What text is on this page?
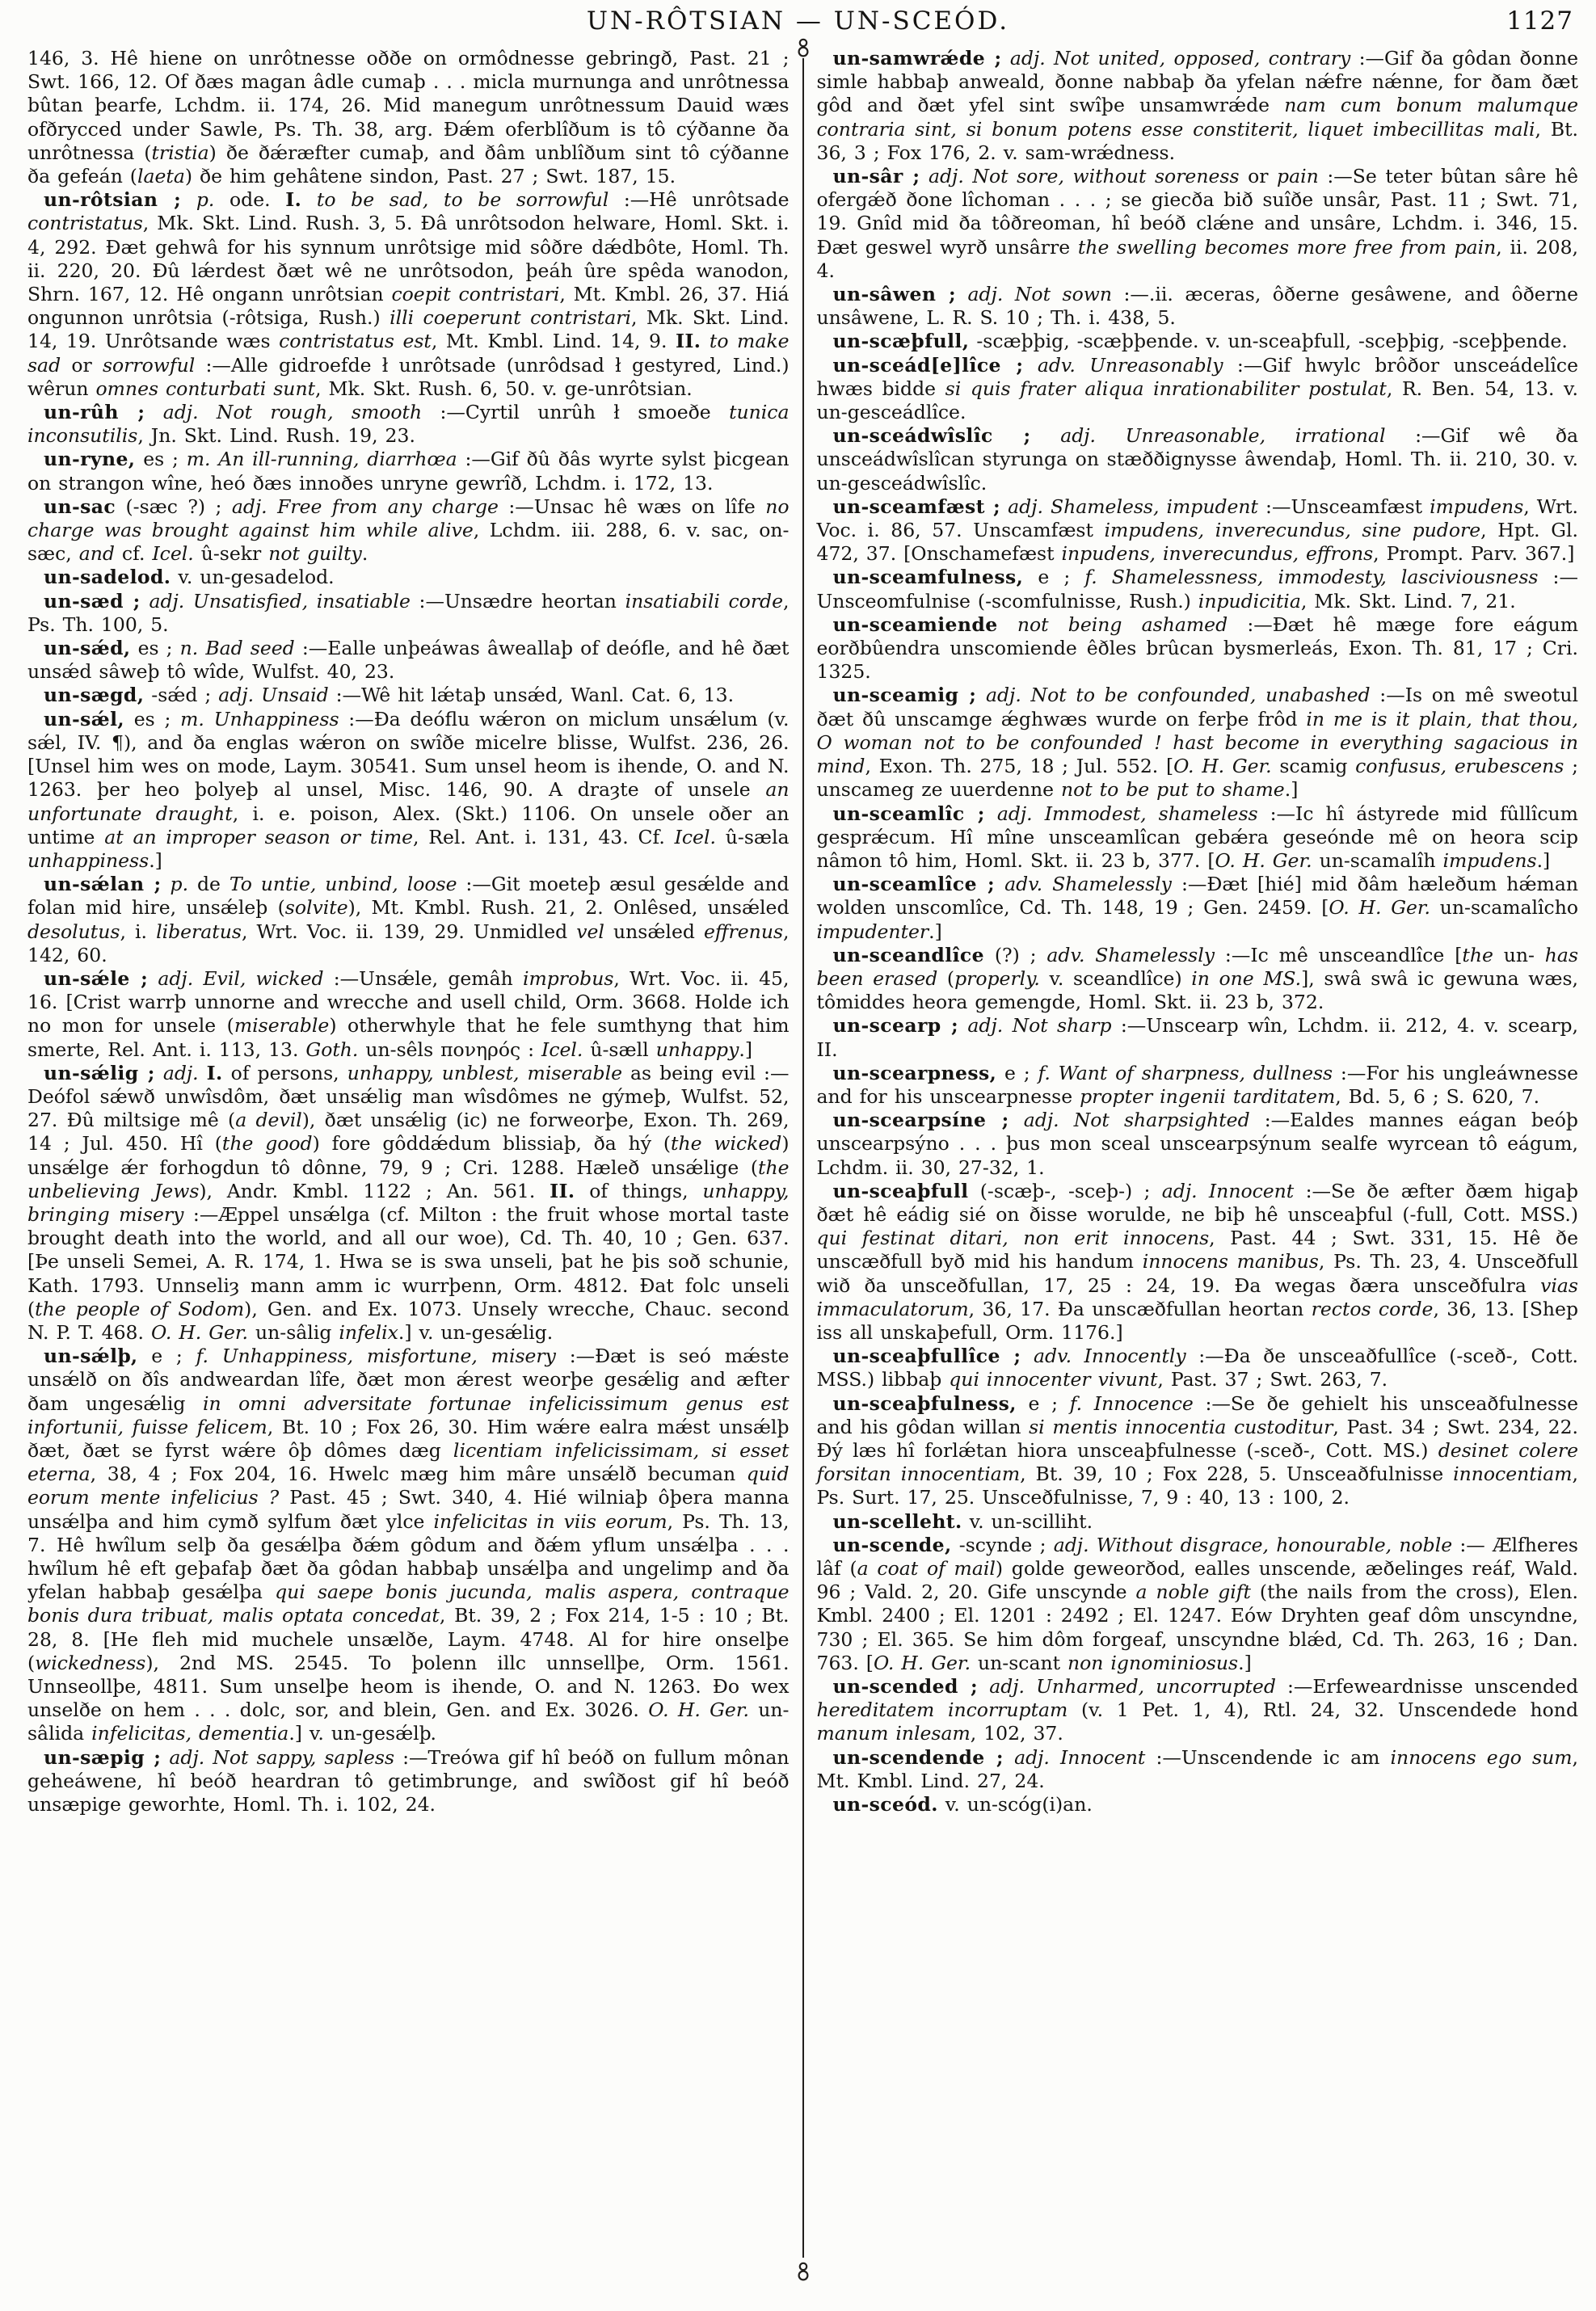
UN-RÔTSIAN — UN-SCEÓD.	1127

146, 3. Hê hiene on unrôtnesse oððe on ormôdnesse gebringð, Past. 21 ; Swt. 166, 12. Of ðæs magan âdle cumaþ . . . micla murnunga and unrôtnessa bûtan þearfe, Lchdm. ii. 174, 26. Mid manegum unrôtnessum Dauid wæs ofðrycced under Sawle, Ps. Th. 38, arg. Ðǽm oferblîðum is tô cýðanne ða unrôtnessa (tristia) ðe ðǽræfter cumaþ, and ðâm unblîðum sint tô cýðanne ða gefeán (laeta) ðe him gehâtene sindon, Past. 27 ; Swt. 187, 15.

un-rôtsian ; p. ode. I. to be sad, to be sorrowful :—Hê unrôtsade contristatus, Mk. Skt. Lind. Rush. 3, 5. Ðâ unrôtsodon helware, Homl. Skt. i. 4, 292. Ðæt gehwâ for his synnum unrôtsige mid sôðre dǽdbôte, Homl. Th. ii. 220, 20. Ðû lǽrdest ðæt wê ne unrôtsodon, þeáh ûre spêda wanodon, Shrn. 167, 12. Hê ongann unrôtsian coepit contristari, Mt. Kmbl. 26, 37. Hiá ongunnon unrôtsia (-rôtsiga, Rush.) illi coeperunt contristari, Mk. Skt. Lind. 14, 19. Unrôtsande wæs contristatus est, Mt. Kmbl. Lind. 14, 9. II. to make sad or sorrowful :—Alle gidroefde ł unrôtsade (unrôdsad ł gestyred, Lind.) wêrun omnes conturbati sunt, Mk. Skt. Rush. 6, 50. v. ge-unrôtsian.

un-rûh ; adj. Not rough, smooth :—Cyrtil unrûh ł smoeðe tunica inconsutilis, Jn. Skt. Lind. Rush. 19, 23.

un-ryne, es ; m. An ill-running, diarrhœa :—Gif ðû ðâs wyrte sylst þicgean on strangon wîne, heó ðæs innoðes unryne gewrîð, Lchdm. i. 172, 13.

un-sac (-sæc ?) ; adj. Free from any charge :—Unsac hê wæs on lîfe no charge was brought against him while alive, Lchdm. iii. 288, 6. v. sac, on-sæc, and cf. Icel. û-sekr not guilty.

un-sadelod. v. un-gesadelod.

un-sæd ; adj. Unsatisfied, insatiable :—Unsædre heortan insatiabili corde, Ps. Th. 100, 5.

un-sǽd, es ; n. Bad seed :—Ealle unþeáwas âweallaþ of deófle, and hê ðæt unsǽd sâweþ tô wîde, Wulfst. 40, 23.

un-sægd, -sǽd ; adj. Unsaid :—Wê hit lǽtaþ unsǽd, Wanl. Cat. 6, 13.

un-sǽl, es ; m. Unhappiness :—Ða deóflu wǽron on miclum unsǽlum (v. sǽl, IV. ¶), and ða englas wǽron on swîðe micelre blisse, Wulfst. 236, 26. [Unsel him wes on mode, Laym. 30541. Sum unsel heom is ihende, O. and N. 1263. þer heo þolyeþ al unsel, Misc. 146, 90. A draȝte of unsele an unfortunate draught, i. e. poison, Alex. (Skt.) 1106. On unsele oðer an untime at an improper season or time, Rel. Ant. i. 131, 43. Cf. Icel. û-sæla unhappiness.]

un-sǽlan ; p. de To untie, unbind, loose :—Git moeteþ æsul gesǽlde and folan mid hire, unsǽleþ (solvite), Mt. Kmbl. Rush. 21, 2. Onlêsed, unsǽled desolutus, i. liberatus, Wrt. Voc. ii. 139, 29. Unmidled vel unsǽled effrenus, 142, 60.

un-sǽle ; adj. Evil, wicked :—Unsǽle, gemâh improbus, Wrt. Voc. ii. 45, 16. [Crist warrþ unnorne and wrecche and usell child, Orm. 3668. Holde ich no mon for unsele (miserable) otherwhyle that he fele sumthyng that him smerte, Rel. Ant. i. 113, 13. Goth. un-sêls πονηρός : Icel. û-sæll unhappy.]

un-sǽlig ; adj. I. of persons, unhappy, unblest, miserable as being evil :—Deófol sǽwð unwîsdôm, ðæt unsǽlig man wîsdômes ne gýmeþ, Wulfst. 52, 27. Ðû miltsige mê (a devil), ðæt unsǽlig (ic) ne forweorþe, Exon. Th. 269, 14 ; Jul. 450. Hî (the good) fore gôddǽdum blissiaþ, ða hý (the wicked) unsǽlge ǽr forhogdun tô dônne, 79, 9 ; Cri. 1288. Hæleð unsǽlige (the unbelieving Jews), Andr. Kmbl. 1122 ; An. 561. II. of things, unhappy, bringing misery :—Æppel unsǽlga (cf. Milton : the fruit whose mortal taste brought death into the world, and all our woe), Cd. Th. 40, 10 ; Gen. 637. [Þe unseli Semei, A. R. 174, 1. Hwa se is swa unseli, þat he þis soð schunie, Kath. 1793. Unnseliȝ mann amm ic wurrþenn, Orm. 4812. Ðat folc unseli (the people of Sodom), Gen. and Ex. 1073. Unsely wrecche, Chauc. second N. P. T. 468. O. H. Ger. un-sâlig infelix.] v. un-gesǽlig.

un-sǽlþ, e ; f. Unhappiness, misfortune, misery :—Ðæt is seó mǽste unsǽlð on ðîs andweardan lîfe, ðæt mon ǽrest weorþe gesǽlig and æfter ðam ungesǽlig in omni adversitate fortunae infelicissimum genus est infortunii, fuisse felicem, Bt. 10 ; Fox 26, 30. Him wǽre ealra mǽst unsǽlþ ðæt, ðæt se fyrst wǽre ôþ dômes dæg licentiam infelicissimam, si esset eterna, 38, 4 ; Fox 204, 16. Hwelc mæg him mâre unsǽlð becuman quid eorum mente infelicius ? Past. 45 ; Swt. 340, 4. Hié wilniaþ ôþera manna unsǽlþa and him cymð sylfum ðæt ylce infelicitas in viis eorum, Ps. Th. 13, 7. Hê hwîlum selþ ða gesǽlþa ðǽm gôdum and ðǽm yflum unsǽlþa . . . hwîlum hê eft geþafaþ ðæt ða gôdan habbaþ unsǽlþa and ungelimp and ða yfelan habbaþ gesǽlþa qui saepe bonis jucunda, malis aspera, contraque bonis dura tribuat, malis optata concedat, Bt. 39, 2 ; Fox 214, 1-5 : 10 ; Bt. 28, 8. [He fleh mid muchele unsælðe, Laym. 4748. Al for hire onselþe (wickedness), 2nd MS. 2545. To þolenn illc unnsellþe, Orm. 1561. Unnseollþe, 4811. Sum unselþe heom is ihende, O. and N. 1263. Ðo wex unselðe on hem . . . dolc, sor, and blein, Gen. and Ex. 3026. O. H. Ger. un-sâlida infelicitas, dementia.] v. un-gesǽlþ.

un-sæpig ; adj. Not sappy, sapless :—Treówa gif hî beóð on fullum mônan geheáwene, hî beóð heardran tô getimbrunge, and swîðost gif hî beóð unsæpige geworhte, Homl. Th. i. 102, 24.

un-samwrǽde ; adj. Not united, opposed, contrary :—Gif ða gôdan ðonne simle habbaþ anweald, ðonne nabbaþ ða yfelan nǽfre nǽnne, for ðam ðæt gôd and ðæt yfel sint swîþe unsamwrǽde nam cum bonum malumque contraria sint, si bonum potens esse constiterit, liquet imbecillitas mali, Bt. 36, 3 ; Fox 176, 2. v. sam-wrǽdness.

un-sâr ; adj. Not sore, without soreness or pain :—Se teter bûtan sâre hê ofergǽð ðone lîchoman . . . ; se giecða bið suîðe unsâr, Past. 11 ; Swt. 71, 19. Gnîd mid ða tôðreoman, hî beóð clǽne and unsâre, Lchdm. i. 346, 15. Ðæt geswel wyrð unsârre the swelling becomes more free from pain, ii. 208, 4.

un-sâwen ; adj. Not sown :—.ii. æceras, ôðerne gesâwene, and ôðerne unsâwene, L. R. S. 10 ; Th. i. 438, 5.

un-scæþfull, -scæþþig, -scæþþende. v. un-sceaþfull, -sceþþig, -sceþþende.

un-sceád[e]lîce ; adv. Unreasonably :—Gif hwylc brôðor unsceádelîce hwæs bidde si quis frater aliqua inrationabiliter postulat, R. Ben. 54, 13. v. un-gesceádlîce.

un-sceádwîslîc ; adj. Unreasonable, irrational :—Gif wê ða unsceádwîslîcan styrunga on stæððignysse âwendaþ, Homl. Th. ii. 210, 30. v. un-gesceádwîslîc.

un-sceamfæst ; adj. Shameless, impudent :—Unsceamfæst impudens, Wrt. Voc. i. 86, 57. Unscamfæst impudens, inverecundus, sine pudore, Hpt. Gl. 472, 37. [Onschamefæst inpudens, inverecundus, effrons, Prompt. Parv. 367.]

un-sceamfulness, e ; f. Shamelessness, immodesty, lasciviousness :— Unsceomfulnise (-scomfulnisse, Rush.) inpudicitia, Mk. Skt. Lind. 7, 21.

un-sceamiende not being ashamed :—Ðæt hê mæge fore eágum eorðbûendra unscomiende êðles brûcan bysmerleás, Exon. Th. 81, 17 ; Cri. 1325.

un-sceamig ; adj. Not to be confounded, unabashed :—Is on mê sweotul ðæt ðû unscamge ǽghwæs wurde on ferþe frôd in me is it plain, that thou, O woman not to be confounded ! hast become in everything sagacious in mind, Exon. Th. 275, 18 ; Jul. 552. [O. H. Ger. scamig confusus, erubescens ; unscameg ze uuerdenne not to be put to shame.]

un-sceamlîc ; adj. Immodest, shameless :—Ic hî ástyrede mid fûllîcum gesprǽcum. Hî mîne unsceamlîcan gebǽra geseónde mê on heora scip nâmon tô him, Homl. Skt. ii. 23 b, 377. [O. H. Ger. un-scamalîh impudens.]

un-sceamlîce ; adv. Shamelessly :—Ðæt [hié] mid ðâm hæleðum hǽman wolden unscomlîce, Cd. Th. 148, 19 ; Gen. 2459. [O. H. Ger. un-scamalîcho impudenter.]

un-sceandlîce (?) ; adv. Shamelessly :—Ic mê unsceandlîce [the un- has been erased (properly. v. sceandlîce) in one MS.], swâ swâ ic gewuna wæs, tômiddes heora gemengde, Homl. Skt. ii. 23 b, 372.

un-scearp ; adj. Not sharp :—Unscearp wîn, Lchdm. ii. 212, 4. v. scearp, II.

un-scearpness, e ; f. Want of sharpness, dullness :—For his ungleáwnesse and for his unscearpnesse propter ingenii tarditatem, Bd. 5, 6 ; S. 620, 7.

un-scearpsíne ; adj. Not sharpsighted :—Ealdes mannes eágan beóþ unscearpsýno . . . þus mon sceal unscearpsýnum sealfe wyrcean tô eágum, Lchdm. ii. 30, 27-32, 1.

un-sceaþfull (-scæþ-, -sceþ-) ; adj. Innocent :—Se ðe æfter ðæm higaþ ðæt hê eádig sié on ðisse worulde, ne biþ hê unsceaþful (-full, Cott. MSS.) qui festinat ditari, non erit innocens, Past. 44 ; Swt. 331, 15. Hê ðe unscæðfull byð mid his handum innocens manibus, Ps. Th. 23, 4. Unsceðfull wið ða unsceðfullan, 17, 25 : 24, 19. Ða wegas ðæra unsceðfulra vias immaculatorum, 36, 17. Ða unscæðfullan heortan rectos corde, 36, 13. [Shep iss all unskaþefull, Orm. 1176.]

un-sceaþfullîce ; adv. Innocently :—Ða ðe unsceaðfullîce (-sceð-, Cott. MSS.) libbaþ qui innocenter vivunt, Past. 37 ; Swt. 263, 7.

un-sceaþfulness, e ; f. Innocence :—Se ðe gehielt his unsceaðfulnesse and his gôdan willan si mentis innocentia custoditur, Past. 34 ; Swt. 234, 22. Ðý læs hî forlǽtan hiora unsceaþfulnesse (-sceð-, Cott. MS.) desinet colere forsitan innocentiam, Bt. 39, 10 ; Fox 228, 5. Unsceaðfulnisse innocentiam, Ps. Surt. 17, 25. Unsceðfulnisse, 7, 9 : 40, 13 : 100, 2.

un-scelleht. v. un-scilliht.

un-scende, -scynde ; adj. Without disgrace, honourable, noble :— Ælfheres lâf (a coat of mail) golde geweorðod, ealles unscende, æðelinges reáf, Wald. 96 ; Vald. 2, 20. Gife unscynde a noble gift (the nails from the cross), Elen. Kmbl. 2400 ; El. 1201 : 2492 ; El. 1247. Eów Dryhten geaf dôm unscyndne, 730 ; El. 365. Se him dôm forgeaf, unscyndne blǽd, Cd. Th. 263, 16 ; Dan. 763. [O. H. Ger. un-scant non ignominiosus.]

un-scended ; adj. Unharmed, uncorrupted :—Erfeweardnisse unscended hereditatem incorruptam (v. 1 Pet. 1, 4), Rtl. 24, 32. Unscendede hond manum inlesam, 102, 37.

un-scendende ; adj. Innocent :—Unscendende ic am innocens ego sum, Mt. Kmbl. Lind. 27, 24.

un-sceód. v. un-scóg(i)an.
